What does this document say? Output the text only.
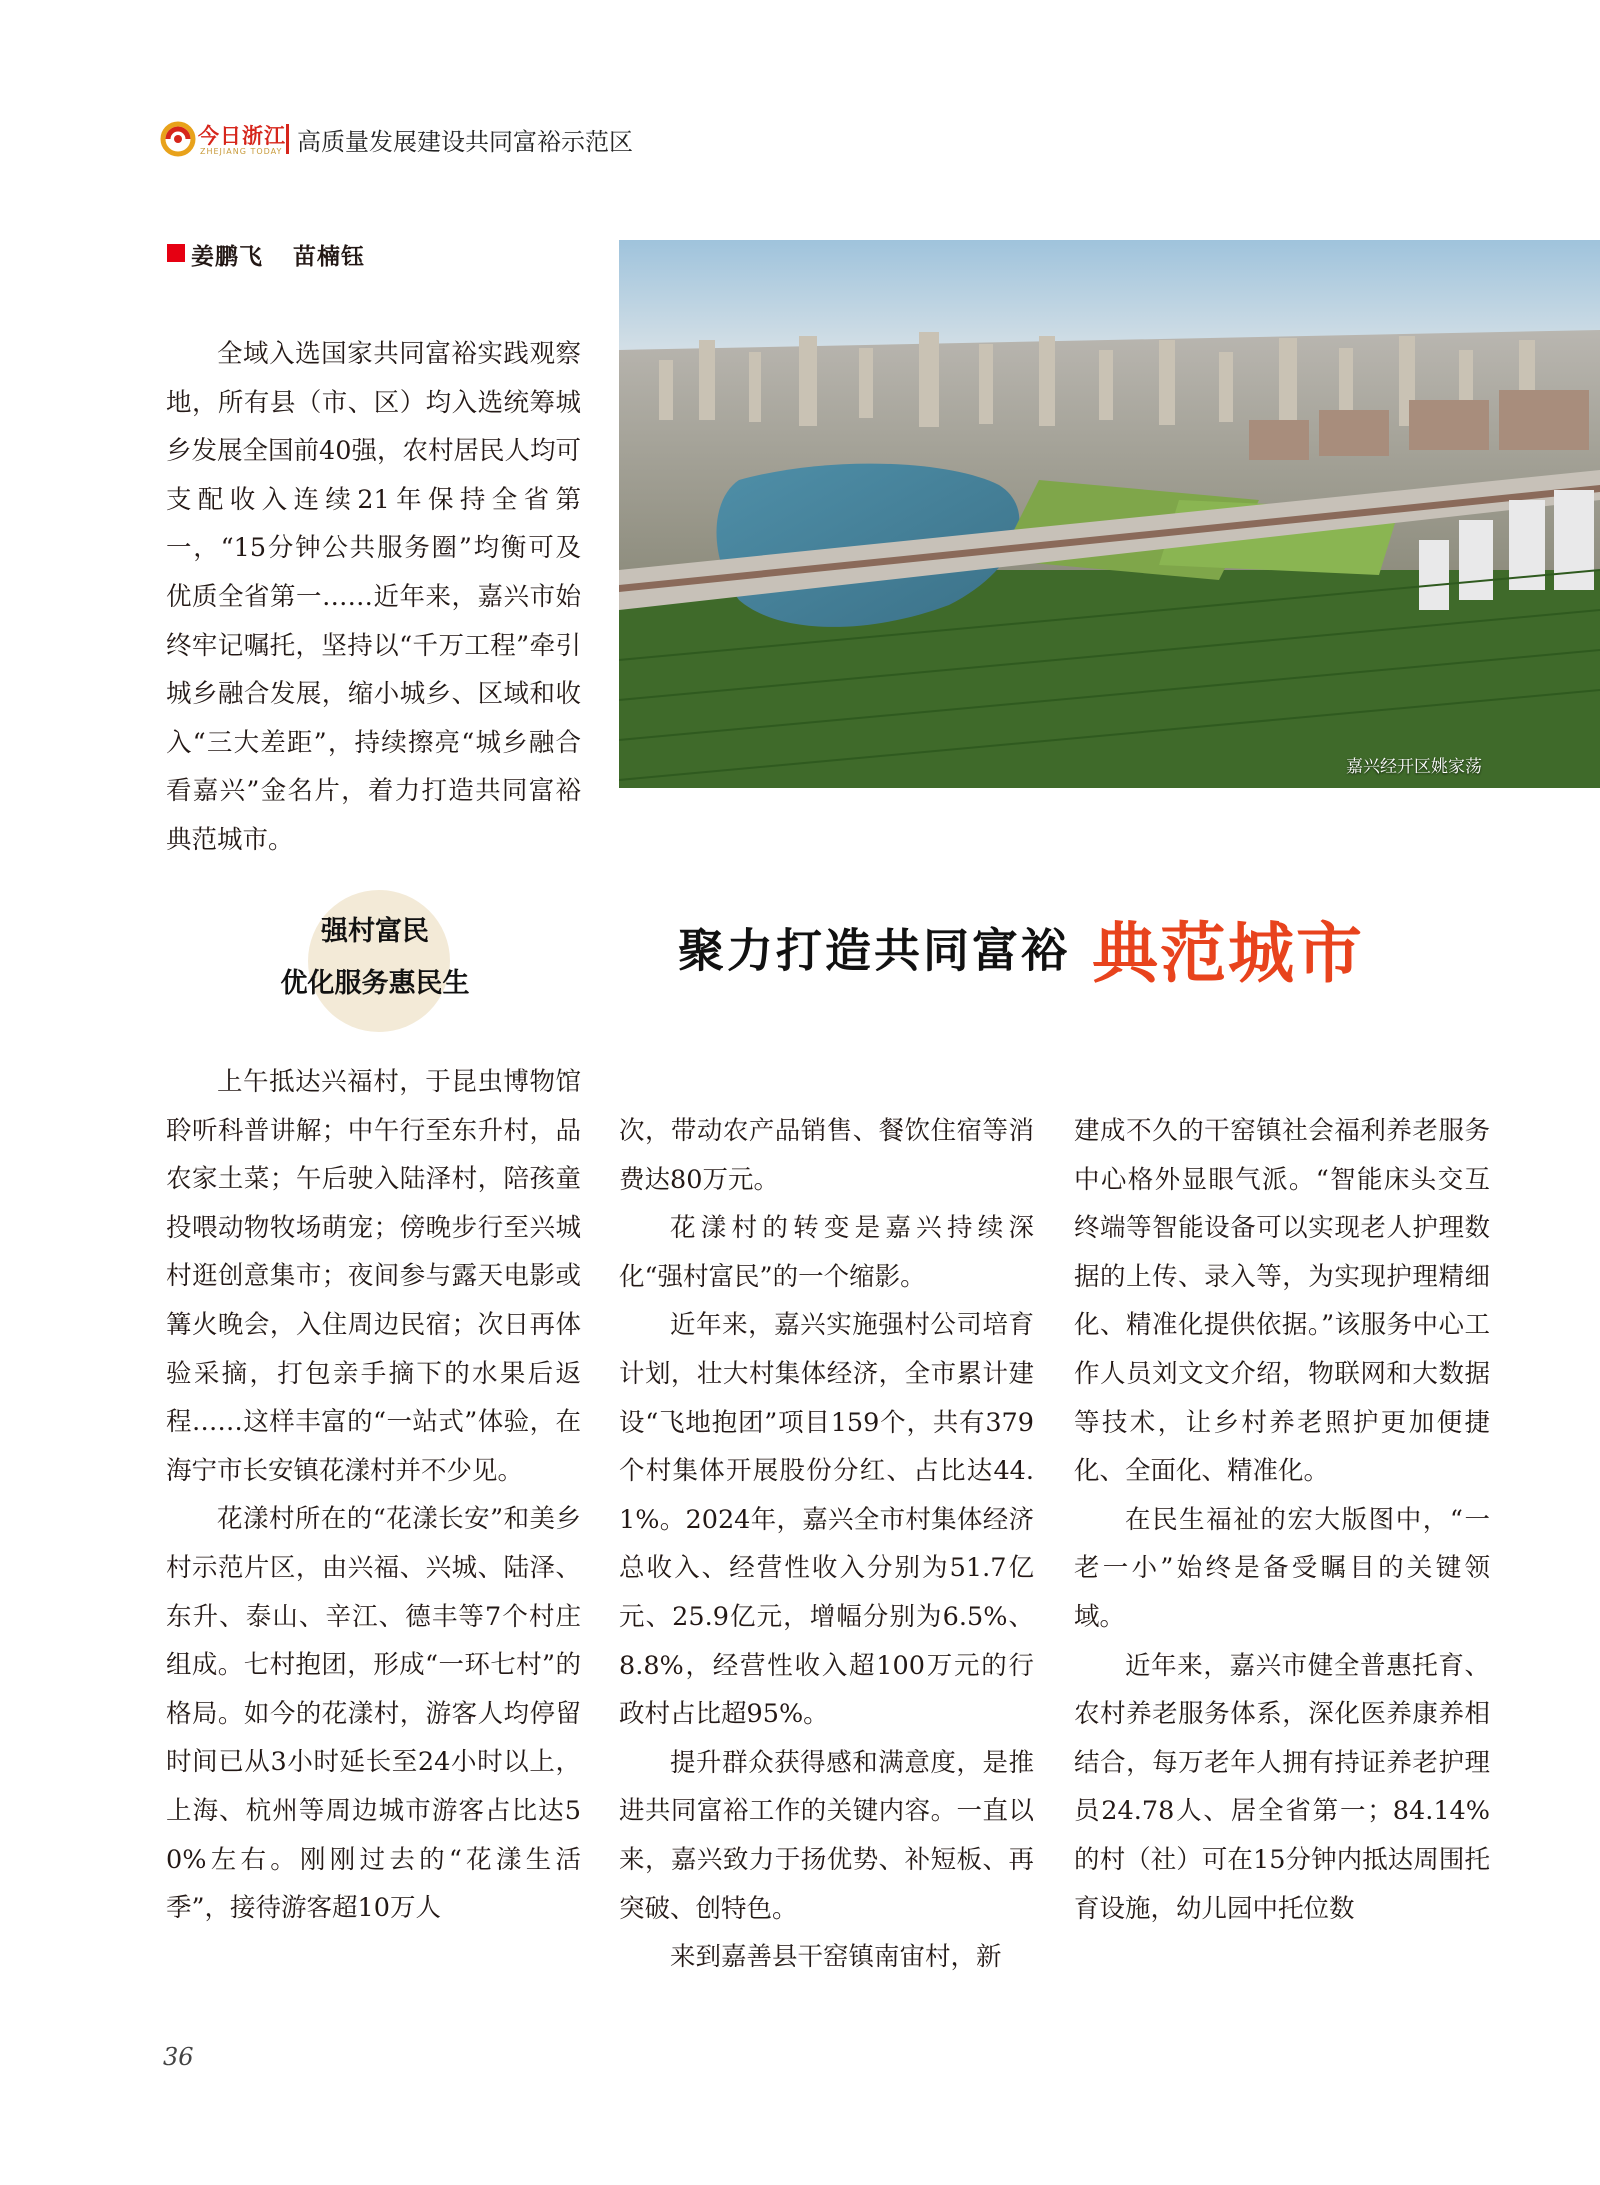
今日浙江
ZHEJIANG TODAY 高质量发展建设共同富裕示范区
姜鹏飞 苗楠钰

全域入选国家共同富裕实践观察地，所有县（市、区）均入选统筹城乡发展全国前40强，农村居民人均可支配收入连续21年保持全省第一，“15分钟公共服务圈”均衡可及优质全省第一……近年来，嘉兴市始终牢记嘱托，坚持以“千万工程”牵引城乡融合发展，缩小城乡、区域和收入“三大差距”，持续擦亮“城乡融合看嘉兴”金名片，着力打造共同富裕典范城市。

嘉兴经开区姚家荡
强村富民
优化服务惠民生
聚力打造共同富裕 典范城市

上午抵达兴福村，于昆虫博物馆聆听科普讲解；中午行至东升村，品农家土菜；午后驶入陆泽村，陪孩童投喂动物牧场萌宠；傍晚步行至兴城村逛创意集市；夜间参与露天电影或篝火晚会，入住周边民宿；次日再体验采摘，打包亲手摘下的水果后返程……这样丰富的“一站式”体验，在海宁市长安镇花漾村并不少见。

花漾村所在的“花漾长安”和美乡村示范片区，由兴福、兴城、陆泽、东升、泰山、辛江、德丰等7个村庄组成。七村抱团，形成“一环七村”的格局。如今的花漾村，游客人均停留时间已从3小时延长至24小时以上，上海、杭州等周边城市游客占比达50%左右。刚刚过去的“花漾生活季”，接待游客超10万人

次，带动农产品销售、餐饮住宿等消费达80万元。

花漾村的转变是嘉兴持续深化“强村富民”的一个缩影。

近年来，嘉兴实施强村公司培育计划，壮大村集体经济，全市累计建设“飞地抱团”项目159个，共有379个村集体开展股份分红、占比达44.1%。2024年，嘉兴全市村集体经济总收入、经营性收入分别为51.7亿元、25.9亿元，增幅分别为6.5%、8.8%，经营性收入超100万元的行政村占比超95%。

提升群众获得感和满意度，是推进共同富裕工作的关键内容。一直以来，嘉兴致力于扬优势、补短板、再突破、创特色。

来到嘉善县干窑镇南宙村，新

建成不久的干窑镇社会福利养老服务中心格外显眼气派。“智能床头交互终端等智能设备可以实现老人护理数据的上传、录入等，为实现护理精细化、精准化提供依据。”该服务中心工作人员刘文文介绍，物联网和大数据等技术，让乡村养老照护更加便捷化、全面化、精准化。

在民生福祉的宏大版图中，“一老一小”始终是备受瞩目的关键领域。

近年来，嘉兴市健全普惠托育、农村养老服务体系，深化医养康养相结合，每万老年人拥有持证养老护理员24.78人、居全省第一；84.14%的村（社）可在15分钟内抵达周围托育设施，幼儿园中托位数

36
